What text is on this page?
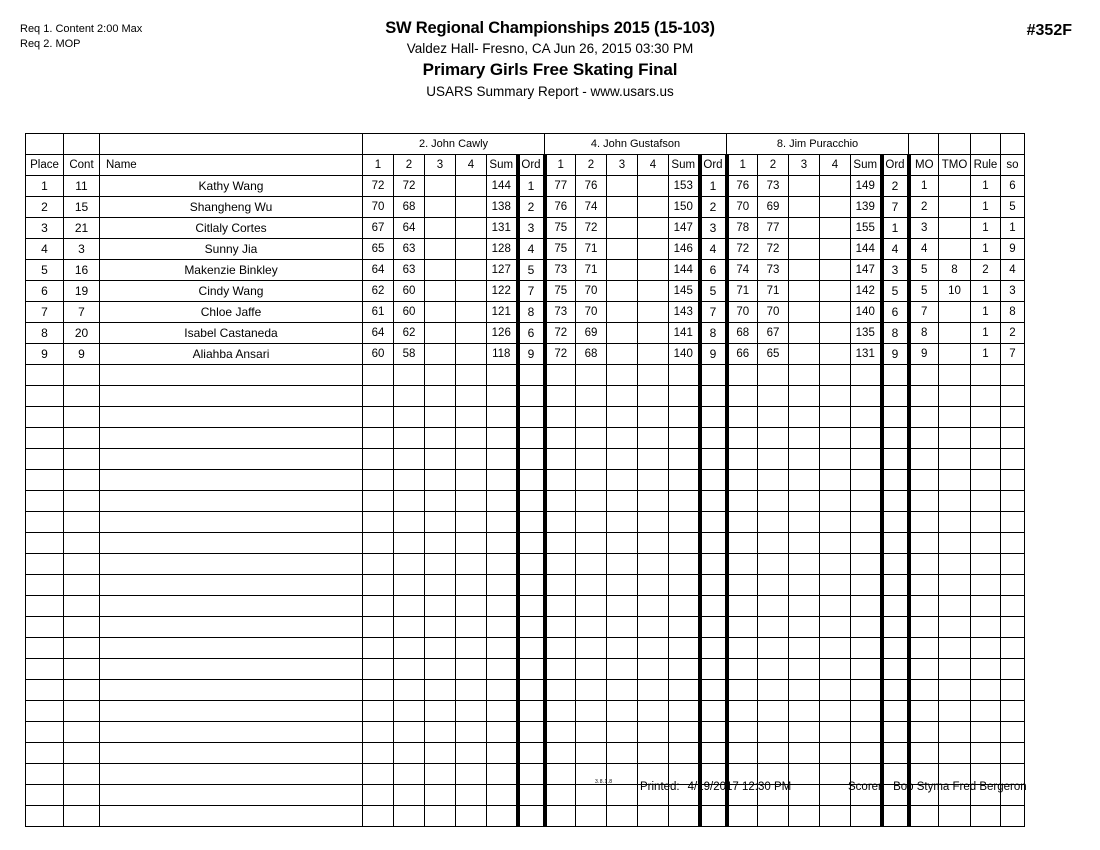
Req 1. Content 2:00 Max
Req 2. MOP
SW Regional Championships 2015 (15-103)
Valdez Hall- Fresno, CA Jun 26, 2015 03:30 PM
Primary Girls Free Skating Final
USARS Summary Report - www.usars.us
#352F
			2. John Cawly						4. John Gustafson						8. Jim Puracchio									
Place	Cont	Name	1	2	3	4	Sum	Ord	1	2	3	4	Sum	Ord	1	2	3	4	Sum	Ord	MO	TMO	Rule	so
1	11	Kathy Wang	72	72			144	1	77	76			153	1	76	73			149	2	1		1	6
2	15	Shangheng Wu	70	68			138	2	76	74			150	2	70	69			139	7	2		1	5
3	21	Citlaly Cortes	67	64			131	3	75	72			147	3	78	77			155	1	3		1	1
4	3	Sunny Jia	65	63			128	4	75	71			146	4	72	72			144	4	4		1	9
5	16	Makenzie Binkley	64	63			127	5	73	71			144	6	74	73			147	3	5	8	2	4
6	19	Cindy Wang	62	60			122	7	75	70			145	5	71	71			142	5	5	10	1	3
7	7	Chloe Jaffe	61	60			121	8	73	70			143	7	70	70			140	6	7		1	8
8	20	Isabel Castaneda	64	62			126	6	72	69			141	8	68	67			135	8	8		1	2
9	9	Aliahba Ansari	60	58			118	9	72	68			140	9	66	65			131	9	9		1	7

3.8.1.8 Printed: 4/19/2017 12:30 PM	Scorer: Bob Styma Fred Bergeron
